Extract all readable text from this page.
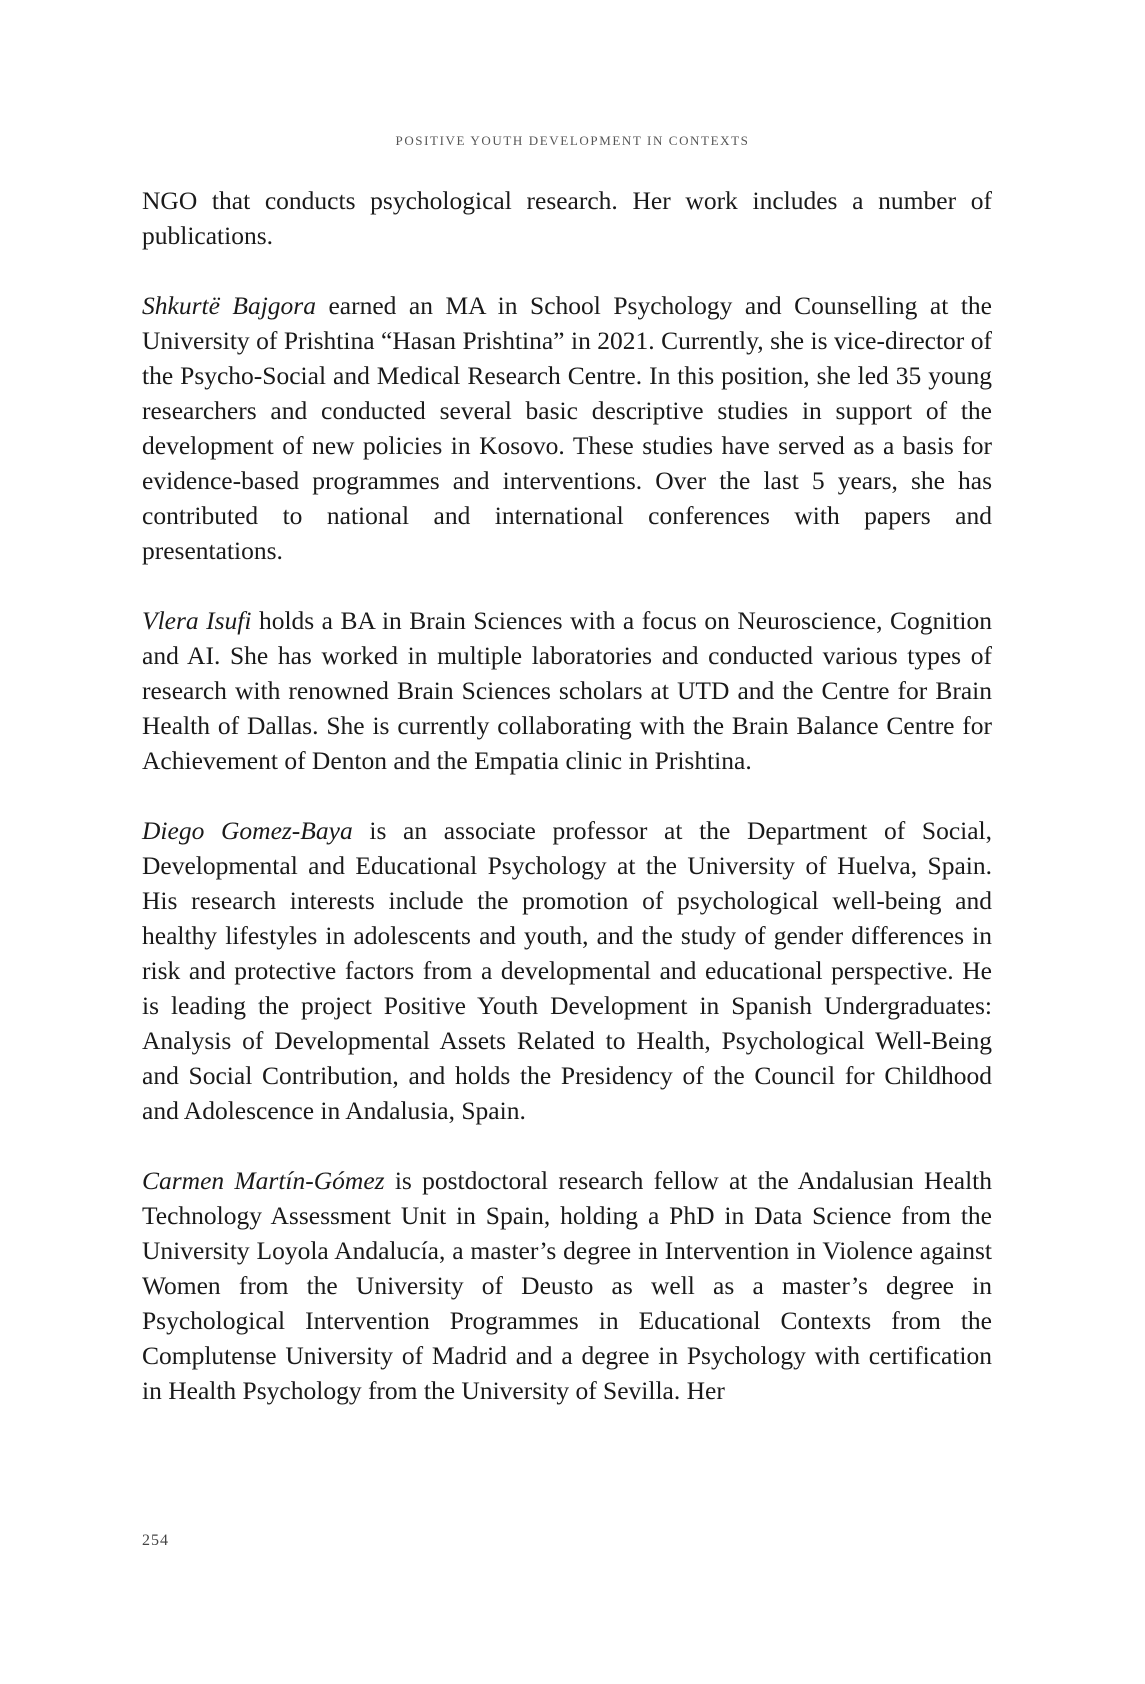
POSITIVE YOUTH DEVELOPMENT IN CONTEXTS

NGO that conducts psychological research. Her work includes a number of publications.

Shkurtë Bajgora earned an MA in School Psychology and Counselling at the University of Prishtina “Hasan Prishtina” in 2021. Currently, she is vice-director of the Psycho-Social and Medical Research Centre. In this position, she led 35 young researchers and conducted several basic descriptive studies in support of the development of new policies in Kosovo. These studies have served as a basis for evidence-based programmes and interventions. Over the last 5 years, she has contributed to national and international conferences with papers and presentations.

Vlera Isufi holds a BA in Brain Sciences with a focus on Neuroscience, Cognition and AI. She has worked in multiple laboratories and conducted various types of research with renowned Brain Sciences scholars at UTD and the Centre for Brain Health of Dallas. She is currently collaborating with the Brain Balance Centre for Achievement of Denton and the Empatia clinic in Prishtina.

Diego Gomez-Baya is an associate professor at the Department of Social, Developmental and Educational Psychology at the University of Huelva, Spain. His research interests include the promotion of psychological well-being and healthy lifestyles in adolescents and youth, and the study of gender differences in risk and protective factors from a developmental and educational perspective. He is leading the project Positive Youth Development in Spanish Undergraduates: Analysis of Developmental Assets Related to Health, Psychological Well-Being and Social Contribution, and holds the Presidency of the Council for Childhood and Adolescence in Andalusia, Spain.

Carmen Martín-Gómez is postdoctoral research fellow at the Andalusian Health Technology Assessment Unit in Spain, holding a PhD in Data Science from the University Loyola Andalucía, a master’s degree in Intervention in Violence against Women from the University of Deusto as well as a master’s degree in Psychological Intervention Programmes in Educational Contexts from the Complutense University of Madrid and a degree in Psychology with certification in Health Psychology from the University of Sevilla. Her

254
